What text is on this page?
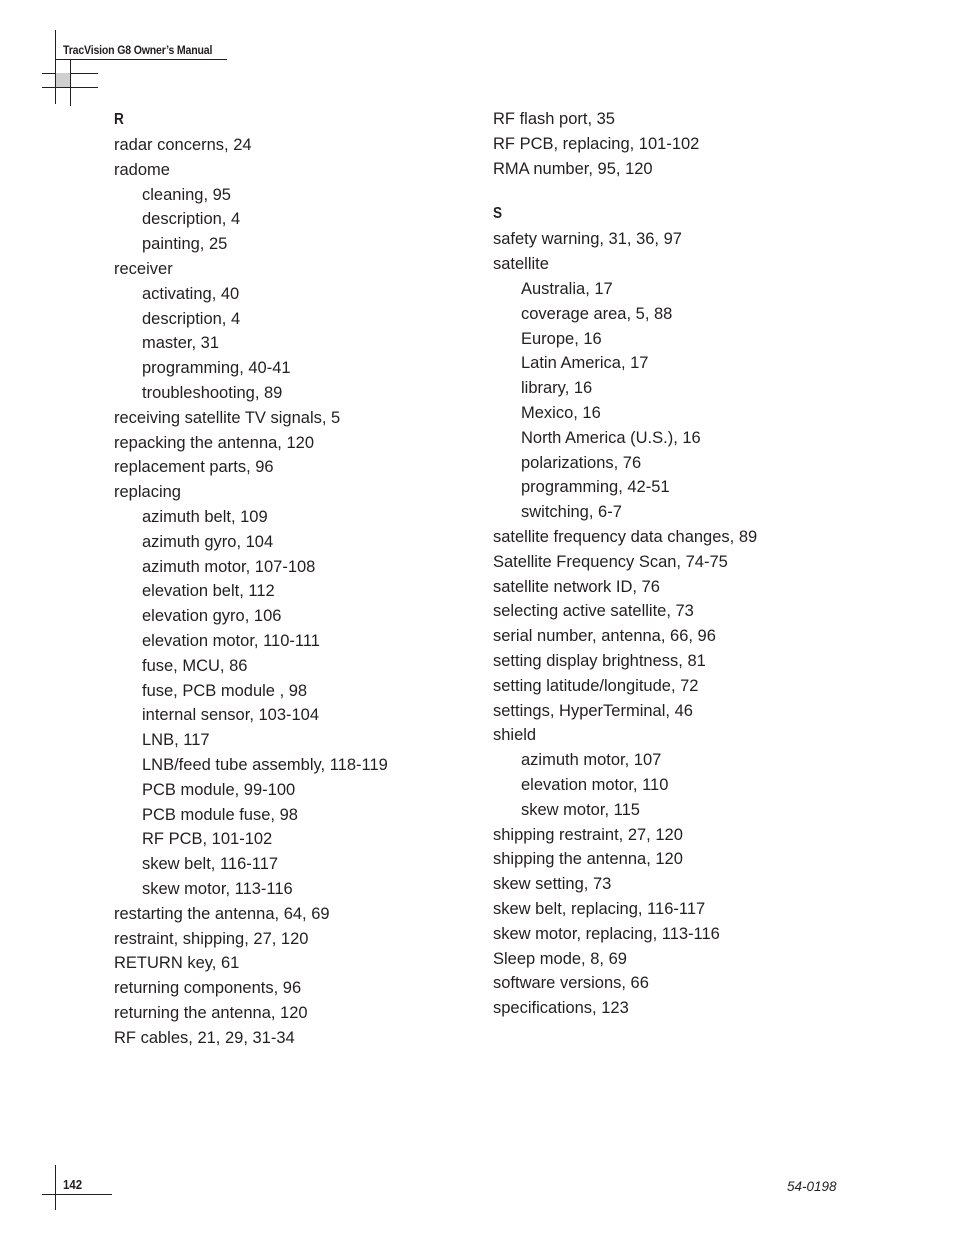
TracVision G8 Owner’s Manual
R
radar concerns, 24
radome
cleaning, 95
description, 4
painting, 25
receiver
activating, 40
description, 4
master, 31
programming, 40-41
troubleshooting, 89
receiving satellite TV signals, 5
repacking the antenna, 120
replacement parts, 96
replacing
azimuth belt, 109
azimuth gyro, 104
azimuth motor, 107-108
elevation belt, 112
elevation gyro, 106
elevation motor, 110-111
fuse, MCU, 86
fuse, PCB module , 98
internal sensor, 103-104
LNB, 117
LNB/feed tube assembly, 118-119
PCB module, 99-100
PCB module fuse, 98
RF PCB, 101-102
skew belt, 116-117
skew motor, 113-116
restarting the antenna, 64, 69
restraint, shipping, 27, 120
RETURN key, 61
returning components, 96
returning the antenna, 120
RF cables, 21, 29, 31-34
RF flash port, 35
RF PCB, replacing, 101-102
RMA number, 95, 120
S
safety warning, 31, 36, 97
satellite
Australia, 17
coverage area, 5, 88
Europe, 16
Latin America, 17
library, 16
Mexico, 16
North America (U.S.), 16
polarizations, 76
programming, 42-51
switching, 6-7
satellite frequency data changes, 89
Satellite Frequency Scan, 74-75
satellite network ID, 76
selecting active satellite, 73
serial number, antenna, 66, 96
setting display brightness, 81
setting latitude/longitude, 72
settings, HyperTerminal, 46
shield
azimuth motor, 107
elevation motor, 110
skew motor, 115
shipping restraint, 27, 120
shipping the antenna, 120
skew setting, 73
skew belt, replacing, 116-117
skew motor, replacing, 113-116
Sleep mode, 8, 69
software versions, 66
specifications, 123
142	54-0198
